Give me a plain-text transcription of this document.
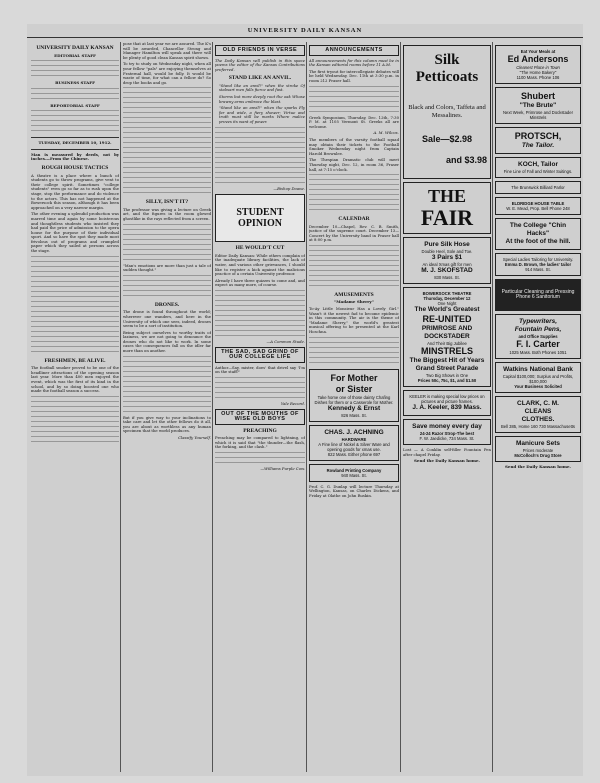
UNIVERSITY DAILY KANSAN
UNIVERSITY DAILY KANSAN
EDITORIAL STAFF
BUSINESS STAFF
REPORTORIAL STAFF
TUESDAY, DECEMBER 10, 1912.
Man is measured by deeds, not by inches.—From the Chinese.
ROUGH HOUSE TACTICS
A theatre is a place where a bunch of students go to throw programs, give vent to their college spirit. Sometimes "college students" even go so far as to rush upon the stage, stop the performance and do violence to the actors. This has not happened at the Bowersock this season, although it has been approached on a very narrow margin.
The other evening a splendid production was marred time and again by some boisterous and thoughtless students who insisted they had paid the price of admission to the opera house for the purpose of their individual sport. And so have the spot they made most frivolous out of programs and crumpled paper which they sailed at persons across the stage.
FRESHMEN, BE ALIVE.
The football smoker proved to be one of the headliner attractions of the opening season last year. More than 400 men enjoyed the event, which was the first of its kind in the school, and by so doing boosted one who made the football season a success.
pose that at last year we are assured. The K's will be awarded, Chancellor Strong and Manager Hamilton will speak and there will be plenty of good clean Kansas spirit shown.
To try to study on Wednesday night, when all your fellow "pals" are enjoying themselves at Fraternal hall, would be folly. It would be waste of time, for what can a fellow do? So drop the books and go.
SILLY, ISN'T IT?
The professor was giving a lecture on Greek art, and the figures in the room glowed ghostlike in the rays reflected from a screen.
"Man's emotions are more than just a tale of sudden thought."
DRONES.
The drone is found throughout the world; wherever one wanders, and here in the University of which one sees, indeed, drones seem to be a sort of institution.
Being subject ourselves to worthy traits of laziness, we are not going to denounce the drones who do not like to work. In some cases the consequences fall on the idler far more than on another.
But if you give way to your inclinations to take care and let the other fellows do it all, you are about as worthless as any human specimen that the world produces.
Classify Yourself.
OLD FRIENDS IN VERSE
The Daily Kansan will publish in this space poems the editor of the Kansas Contributions preferred.
STAND LIKE AN ANVIL.
"Stand like an anvil!" when the stroke Of stalwart men falls fierce and fast.
Storms but more deeply root the oak Whose brawny arms embrace the blast.
"Stand like an anvil!" when the sparks Fly far and wide, a fiery shower; Virtue and truth must still be marks Where malice proves its want of power.
—Bishop Doane.
STUDENT
OPINION
HE WOULD'T CUT
Editor Daily Kansan: While others complain of the inadequate library facilities, the lack of water, and various other grievances, I should like to register a kick against the malicious practice of a certain University professor.
Already I have three quizzes to come and, and expect as many more, of course.
—A Common Stude.
THE SAD, SAD GRIND OF OUR COLLEGE LIFE
Author—Say, mister, does' that drivel say 'I'm on the staff?'
Yale Record.
OUT OF THE MOUTHS OF WISE OLD BOYS
PREACHING
Preaching may be compared to lightning, of which it is said that "the thunder—the flash, the forking, and the clash."
—Williams Purple Cow.
ANNOUNCEMENTS
All announcements for this column must be in the Kansan editorial rooms before 11 A.M.
The first tryout for intercollegiate debates will be held Wednesday, Dec. 11th at 3:30 p.m. in room 212 Fraser hall.
Greek Symposium, Thursday, Dec. 12th, 7:30 P. M. at 1105 Vermont St. Greeks all are welcome.
A. M. Wilcox.
The members of the varsity football squad may obtain their tickets to the Football Smoker Wednesday night from Captain Harold Brownlee.
The Thespian Dramatic club will meet Thursday night, Dec. 12, in room 36, Fraser hall, at 7:15 o'clock.
CALENDAR
December 10—Chapel, Rev. C. B. Smith, justice of the supreme court. December 13—Concert by the University band in Fraser hall at 8:00 p.m.
AMUSEMENTS
"Madame Sherry"
To-Ay Little Monsieur Has a Lovely Girl." Wasn't it the newest fad to become epidemic in this community. The air is the theme of "Madame Sherry," the world's greatest musical offering to be presented at the Karl Hoschna.
For Mother
or Sister
Take home one of those dainty Chafing Dishes for them or a Casserole for Mother.
Kennedy & Ernst
826 Mass. St.
CHAS. J. ACHNING
HARDWARE
A Fine line of Nickel & Silver Ware and opening goods for xmas use.
822 Mass. Either phone 697
Rowland Printing Company
940 Mass. St.
Prof. C. G. Dunlap will lecture Thursday at Wellington, Kansas, on Charles Dickens, and Friday at Olathe on John Ruskin.
Silk
Petticoats
Black and Colors, Taffeta and Messalines.
Sale—$2.98
and $3.98
THE
FAIR
Pure Silk Hose
Double Heel, Sole and Toe.
3 Pairs $1
An ideal Xmas gift for men
M. J. SKOFSTAD
830 Mass. St.
BOWERSOCK THEATRE
Thursday, December 12
One Night
The World's Greatest
RE-UNITED
PRIMROSE AND DOCKSTADER
And Their Big Jubilee
MINSTRELS
The Biggest Hit of Years
Grand Street Parade
Two Big Shows in One
Prices 50c, 75c, $1, and $1.50
KEELER is making special low prices on pictures and picture frames.
J. A. Keeler, 839 Mass.
Save money every day
24-24 Razor Strop-The best
F. W. Jaedicke, 734 Mass. St.
Lost — A Conklin self-filler Fountain Pen after chapel Friday.
Send the Daily Kansan home.
Eat Your Meals at
Ed Andersons
Cleanest Place in Town
"The Home Bakery"
1100 Mass. Phone 106
Shubert
"The Brute"
Next Week, Primrose and Dockstader Minstrels
PROTSCH,
The Tailor.
KOCH, Tailor
Fine Line of Fall and Winter Suitings.
The Brunswick Billiard Parlor
ELDRIDGE HOUSE TABLE
W. E. Mead, Prop. Bell Phone 248
The College "Chin Hacks"
At the foot of the hill.
Special Ladies Tailoring for University.
Emma D. Brown, the ladies' tailor
914 Mass. St.
Particular Cleaning and Pressing
Phone 6 Sanitorium
Typewriters,
Fountain Pens,
and Office Supplies
F. I. Carter
1025 Mass. Both Phones 1051
Watkins National Bank
Capital $100,000; Surplus and Profits, $100,000
Your Business Solicited
CLARK, C. M.
CLEANS
CLOTHES.
Bell 385, Home 160 730 Massachusetts
Manicure Sets
Prices moderate
McColloch's Drug Store
Send the Daily Kansan home.
